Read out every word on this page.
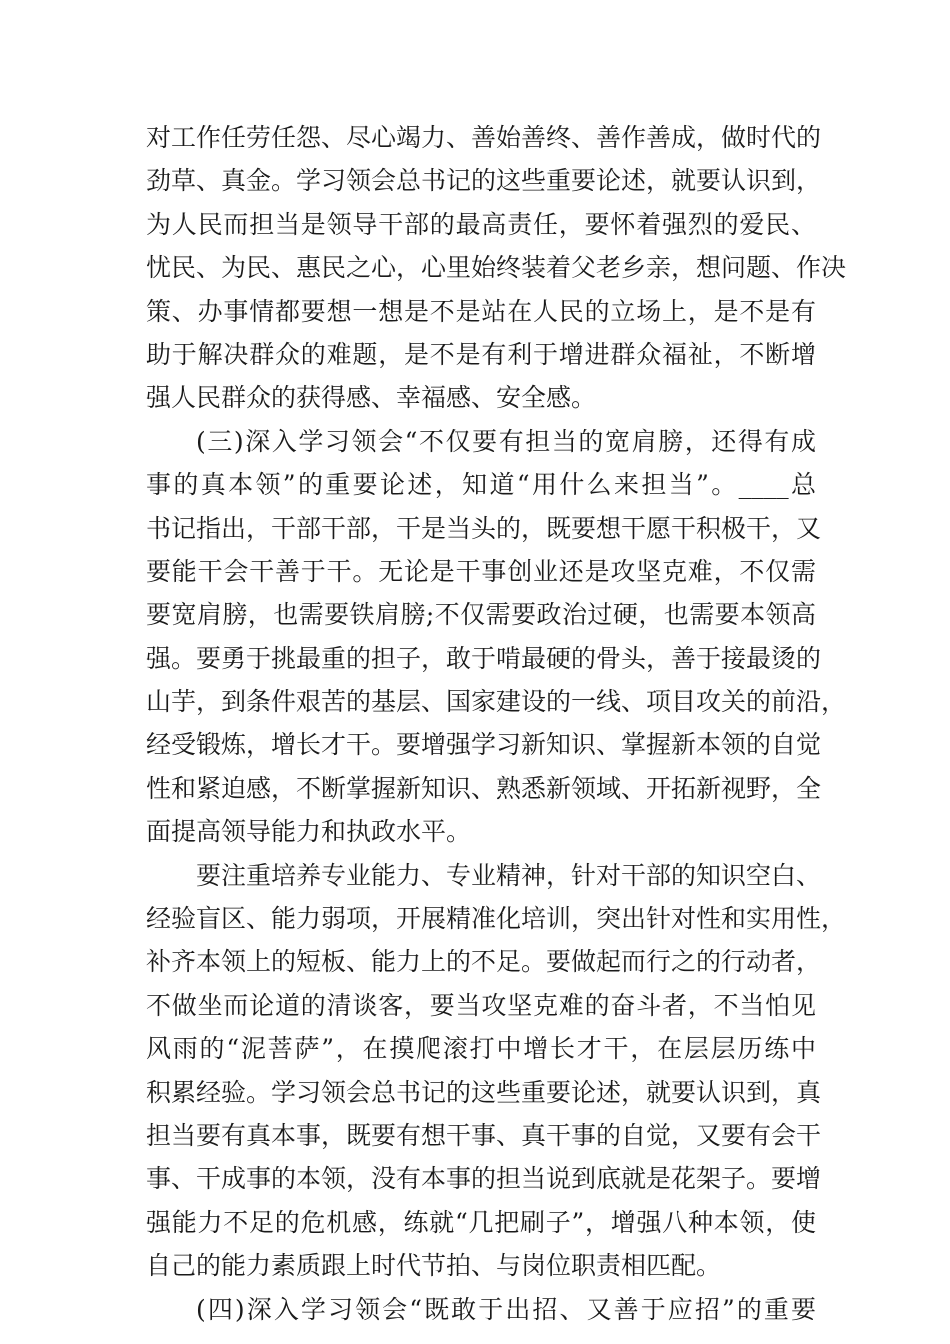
对工作任劳任怨、尽心竭力、善始善终、善作善成，做时代的
劲草、真金。学习领会总书记的这些重要论述，就要认识到，
为人民而担当是领导干部的最高责任，要怀着强烈的爱民、
忧民、为民、惠民之心，心里始终装着父老乡亲，想问题、作决
策、办事情都要想一想是不是站在人民的立场上，是不是有
助于解决群众的难题，是不是有利于增进群众福祉，不断增
强人民群众的获得感、幸福感、安全感。
(三)深入学习领会“不仅要有担当的宽肩膀，还得有成
事的真本领”的重要论述，知道“用什么来担当”。____总
书记指出，干部干部，干是当头的，既要想干愿干积极干，又
要能干会干善于干。无论是干事创业还是攻坚克难，不仅需
要宽肩膀，也需要铁肩膀;不仅需要政治过硬，也需要本领高
强。要勇于挑最重的担子，敢于啃最硬的骨头，善于接最烫的
山芋，到条件艰苦的基层、国家建设的一线、项目攻关的前沿，
经受锻炼，增长才干。要增强学习新知识、掌握新本领的自觉
性和紧迫感，不断掌握新知识、熟悉新领域、开拓新视野，全
面提高领导能力和执政水平。
要注重培养专业能力、专业精神，针对干部的知识空白、
经验盲区、能力弱项，开展精准化培训，突出针对性和实用性，
补齐本领上的短板、能力上的不足。要做起而行之的行动者，
不做坐而论道的清谈客，要当攻坚克难的奋斗者，不当怕见
风雨的“泥菩萨”，在摸爬滚打中增长才干，在层层历练中
积累经验。学习领会总书记的这些重要论述，就要认识到，真
担当要有真本事，既要有想干事、真干事的自觉，又要有会干
事、干成事的本领，没有本事的担当说到底就是花架子。要增
强能力不足的危机感，练就“几把刷子”，增强八种本领，使
自己的能力素质跟上时代节拍、与岗位职责相匹配。
(四)深入学习领会“既敢于出招、又善于应招”的重要
